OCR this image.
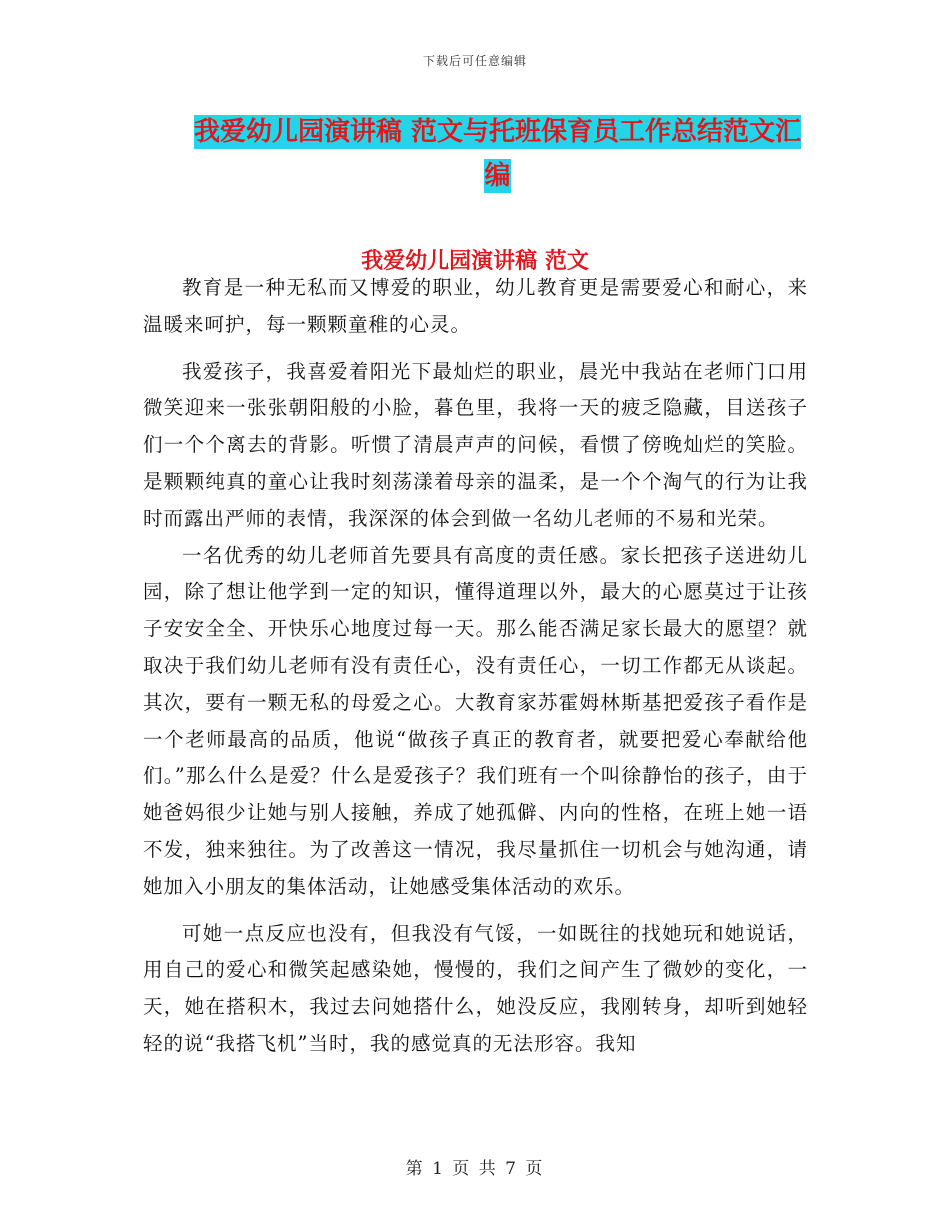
下载后可任意编辑
我爱幼儿园演讲稿 范文与托班保育员工作总结范文汇
编
我爱幼儿园演讲稿 范文

教育是一种无私而又博爱的职业，幼儿教育更是需要爱心和耐心，来温暖来呵护，每一颗颗童稚的心灵。

我爱孩子，我喜爱着阳光下最灿烂的职业，晨光中我站在老师门口用微笑迎来一张张朝阳般的小脸，暮色里，我将一天的疲乏隐藏，目送孩子们一个个离去的背影。听惯了清晨声声的问候，看惯了傍晚灿烂的笑脸。是颗颗纯真的童心让我时刻荡漾着母亲的温柔，是一个个淘气的行为让我时而露出严师的表情，我深深的体会到做一名幼儿老师的不易和光荣。

一名优秀的幼儿老师首先要具有高度的责任感。家长把孩子送进幼儿园，除了想让他学到一定的知识，懂得道理以外，最大的心愿莫过于让孩子安安全全、开快乐心地度过每一天。那么能否满足家长最大的愿望？就取决于我们幼儿老师有没有责任心，没有责任心，一切工作都无从谈起。 其次，要有一颗无私的母爱之心。大教育家苏霍姆林斯基把爱孩子看作是一个老师最高的品质，他说“做孩子真正的教育者，就要把爱心奉献给他们。”那么什么是爱？什么是爱孩子？我们班有一个叫徐静怡的孩子，由于她爸妈很少让她与别人接触，养成了她孤僻、内向的性格，在班上她一语不发，独来独往。为了改善这一情况，我尽量抓住一切机会与她沟通，请她加入小朋友的集体活动，让她感受集体活动的欢乐。

可她一点反应也没有，但我没有气馁，一如既往的找她玩和她说话，用自己的爱心和微笑起感染她，慢慢的，我们之间产生了微妙的变化，一天，她在搭积木，我过去问她搭什么，她没反应，我刚转身，却听到她轻轻的说“我搭飞机”当时，我的感觉真的无法形容。我知

第 1 页 共 7 页
